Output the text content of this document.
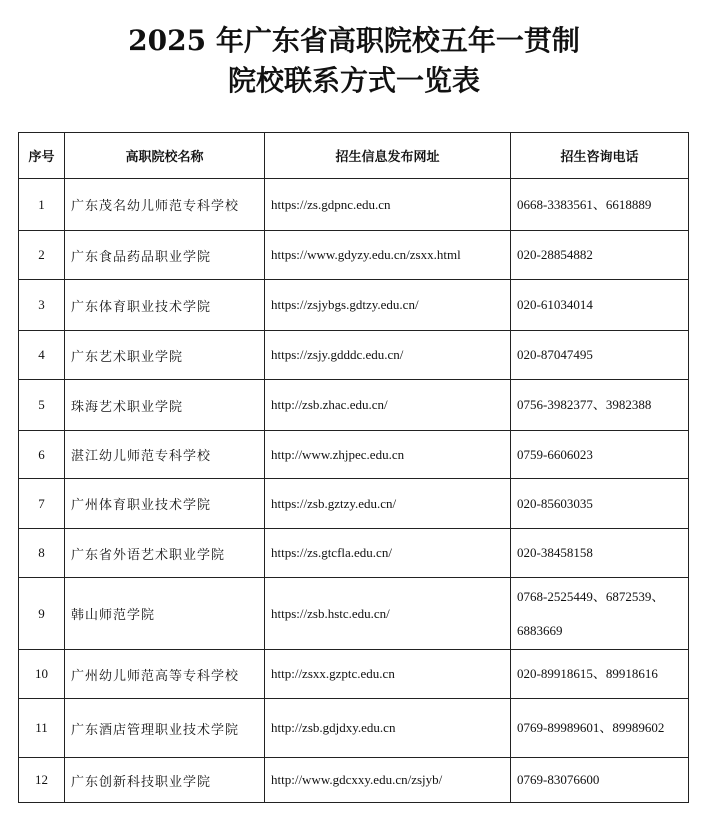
2025 年广东省高职院校五年一贯制
院校联系方式一览表
序号	高职院校名称	招生信息发布网址	招生咨询电话
1	广东茂名幼儿师范专科学校	https://zs.gdpnc.edu.cn	0668-3383561、6618889
2	广东食品药品职业学院	https://www.gdyzy.edu.cn/zsxx.html	020-28854882
3	广东体育职业技术学院	https://zsjybgs.gdtzy.edu.cn/	020-61034014
4	广东艺术职业学院	https://zsjy.gdddc.edu.cn/	020-87047495
5	珠海艺术职业学院	http://zsb.zhac.edu.cn/	0756-3982377、3982388
6	湛江幼儿师范专科学校	http://www.zhjpec.edu.cn	0759-6606023
7	广州体育职业技术学院	https://zsb.gztzy.edu.cn/	020-85603035
8	广东省外语艺术职业学院	https://zs.gtcfla.edu.cn/	020-38458158
9	韩山师范学院	https://zsb.hstc.edu.cn/	0768-2525449、6872539、6883669
10	广州幼儿师范高等专科学校	http://zsxx.gzptc.edu.cn	020-89918615、89918616
11	广东酒店管理职业技术学院	http://zsb.gdjdxy.edu.cn	0769-89989601、89989602
12	广东创新科技职业学院	http://www.gdcxxy.edu.cn/zsjyb/	0769-83076600
